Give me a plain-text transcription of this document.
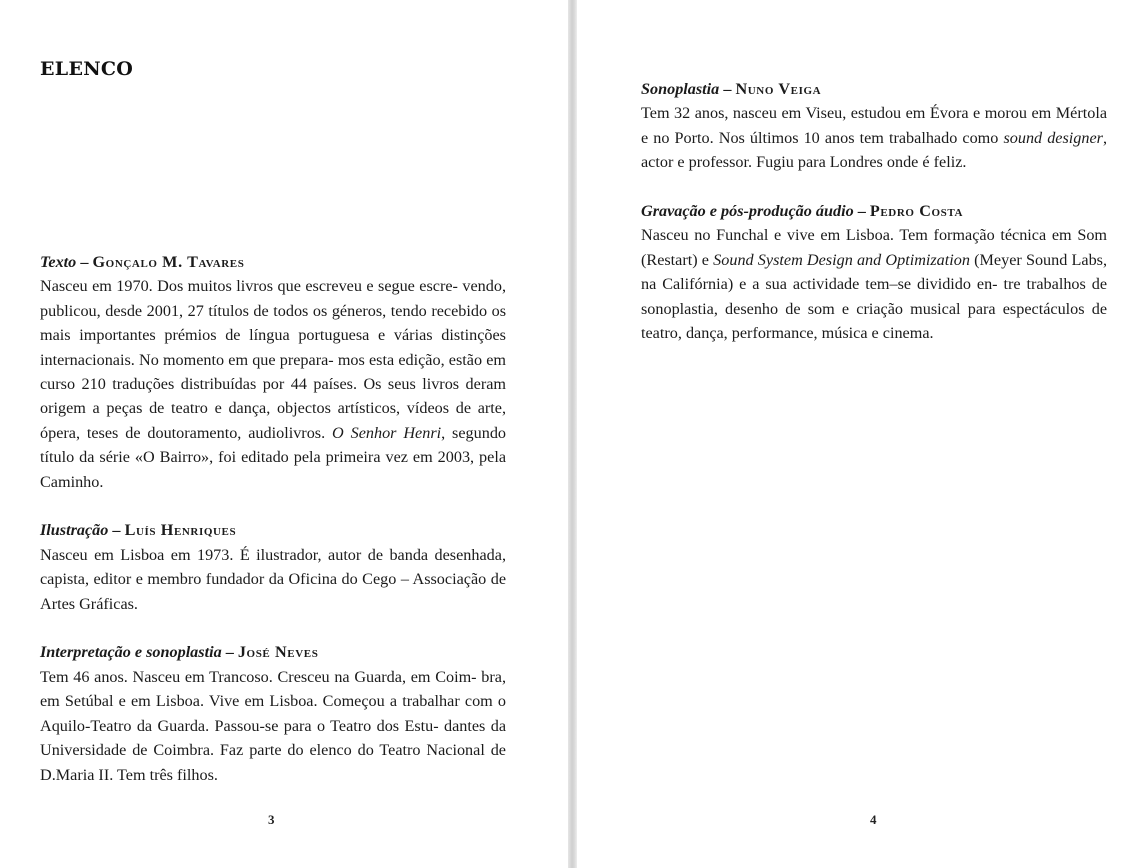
ELENCO

Texto – Gonçalo M. Tavares

Nasceu em 1970. Dos muitos livros que escreveu e segue escre- vendo, publicou, desde 2001, 27 títulos de todos os géneros, tendo recebido os mais importantes prémios de língua portuguesa e várias distinções internacionais. No momento em que prepara- mos esta edição, estão em curso 210 traduções distribuídas por 44 países. Os seus livros deram origem a peças de teatro e dança, objectos artísticos, vídeos de arte, ópera, teses de doutoramento, audiolivros. O Senhor Henri, segundo título da série «O Bairro», foi editado pela primeira vez em 2003, pela Caminho.

Ilustração – Luís Henriques

Nasceu em Lisboa em 1973. É ilustrador, autor de banda desenhada, capista, editor e membro fundador da Oficina do Cego – Associação de Artes Gráficas.

Interpretação e sonoplastia – José Neves

Tem 46 anos. Nasceu em Trancoso. Cresceu na Guarda, em Coim- bra, em Setúbal e em Lisboa. Vive em Lisboa. Começou a trabalhar com o Aquilo-Teatro da Guarda. Passou-se para o Teatro dos Estu- dantes da Universidade de Coimbra. Faz parte do elenco do Teatro Nacional de D.Maria II. Tem três filhos.

3

Sonoplastia – Nuno Veiga

Tem 32 anos, nasceu em Viseu, estudou em Évora e morou em Mértola e no Porto. Nos últimos 10 anos tem trabalhado como sound designer, actor e professor. Fugiu para Londres onde é feliz.

Gravação e pós-produção áudio – Pedro Costa

Nasceu no Funchal e vive em Lisboa. Tem formação técnica em Som (Restart) e Sound System Design and Optimization (Meyer Sound Labs, na Califórnia) e a sua actividade tem–se dividido en- tre trabalhos de sonoplastia, desenho de som e criação musical para espectáculos de teatro, dança, performance, música e cinema.

4
